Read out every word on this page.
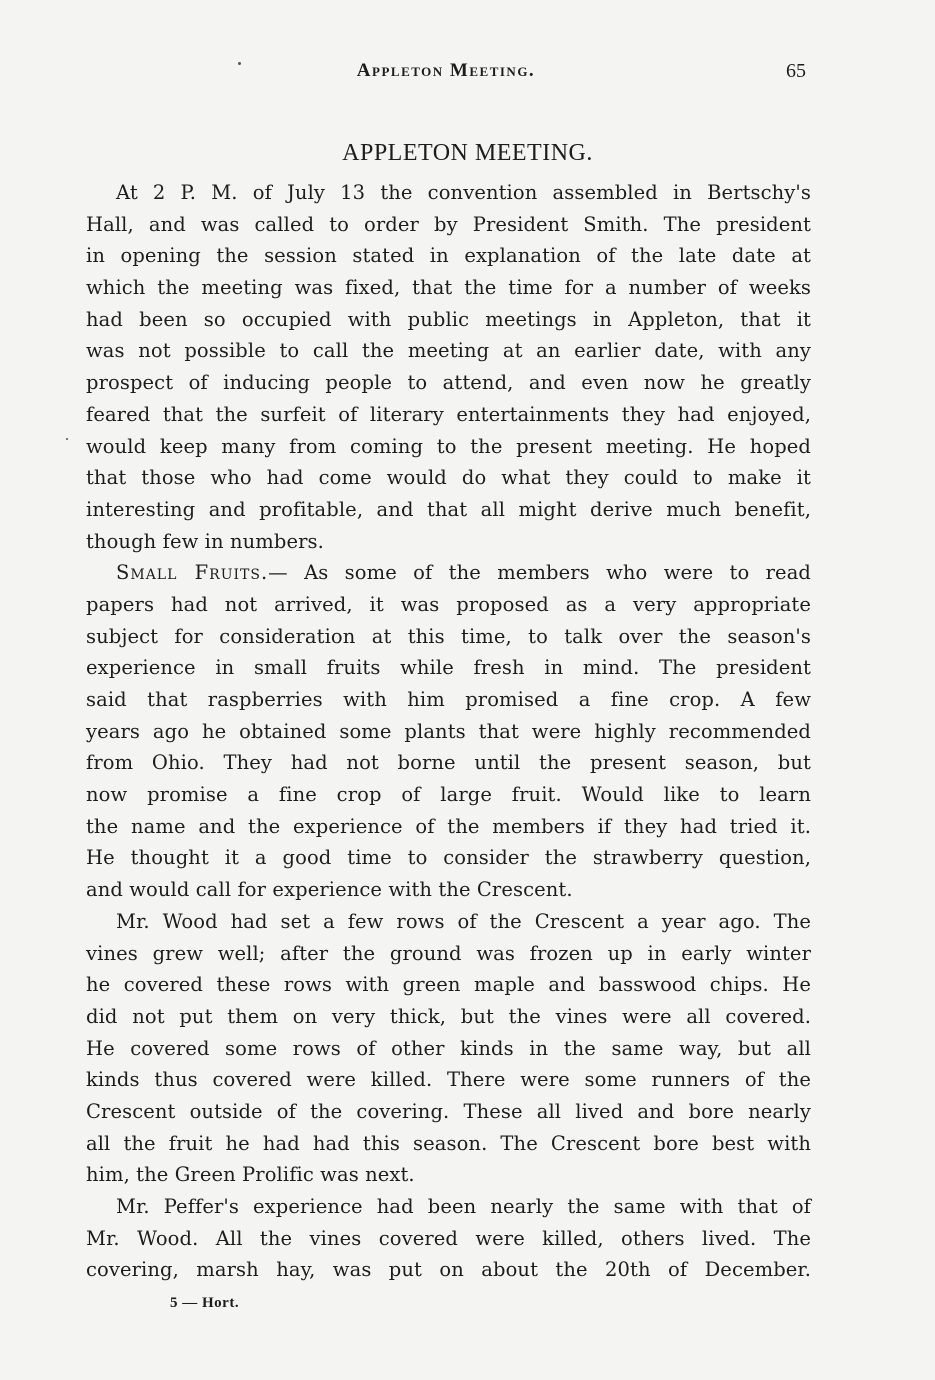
Appleton Meeting.	65
APPLETON MEETING.
At 2 P. M. of July 13 the convention assembled in Bertschy's
Hall, and was called to order by President Smith. The president
in opening the session stated in explanation of the late date at
which the meeting was fixed, that the time for a number of weeks
had been so occupied with public meetings in Appleton, that it
was not possible to call the meeting at an earlier date, with any
prospect of inducing people to attend, and even now he greatly
feared that the surfeit of literary entertainments they had enjoyed,
would keep many from coming to the present meeting. He hoped
that those who had come would do what they could to make it
interesting and profitable, and that all might derive much benefit,
though few in numbers.
Small Fruits.— As some of the members who were to read
papers had not arrived, it was proposed as a very appropriate
subject for consideration at this time, to talk over the season's
experience in small fruits while fresh in mind. The president
said that raspberries with him promised a fine crop. A few
years ago he obtained some plants that were highly recommended
from Ohio. They had not borne until the present season, but
now promise a fine crop of large fruit. Would like to learn
the name and the experience of the members if they had tried it.
He thought it a good time to consider the strawberry question,
and would call for experience with the Crescent.
Mr. Wood had set a few rows of the Crescent a year ago. The
vines grew well; after the ground was frozen up in early winter
he covered these rows with green maple and basswood chips. He
did not put them on very thick, but the vines were all covered.
He covered some rows of other kinds in the same way, but all
kinds thus covered were killed. There were some runners of the
Crescent outside of the covering. These all lived and bore nearly
all the fruit he had had this season. The Crescent bore best with
him, the Green Prolific was next.
Mr. Peffer's experience had been nearly the same with that of
Mr. Wood. All the vines covered were killed, others lived. The
covering, marsh hay, was put on about the 20th of December.
5 — Hort.
